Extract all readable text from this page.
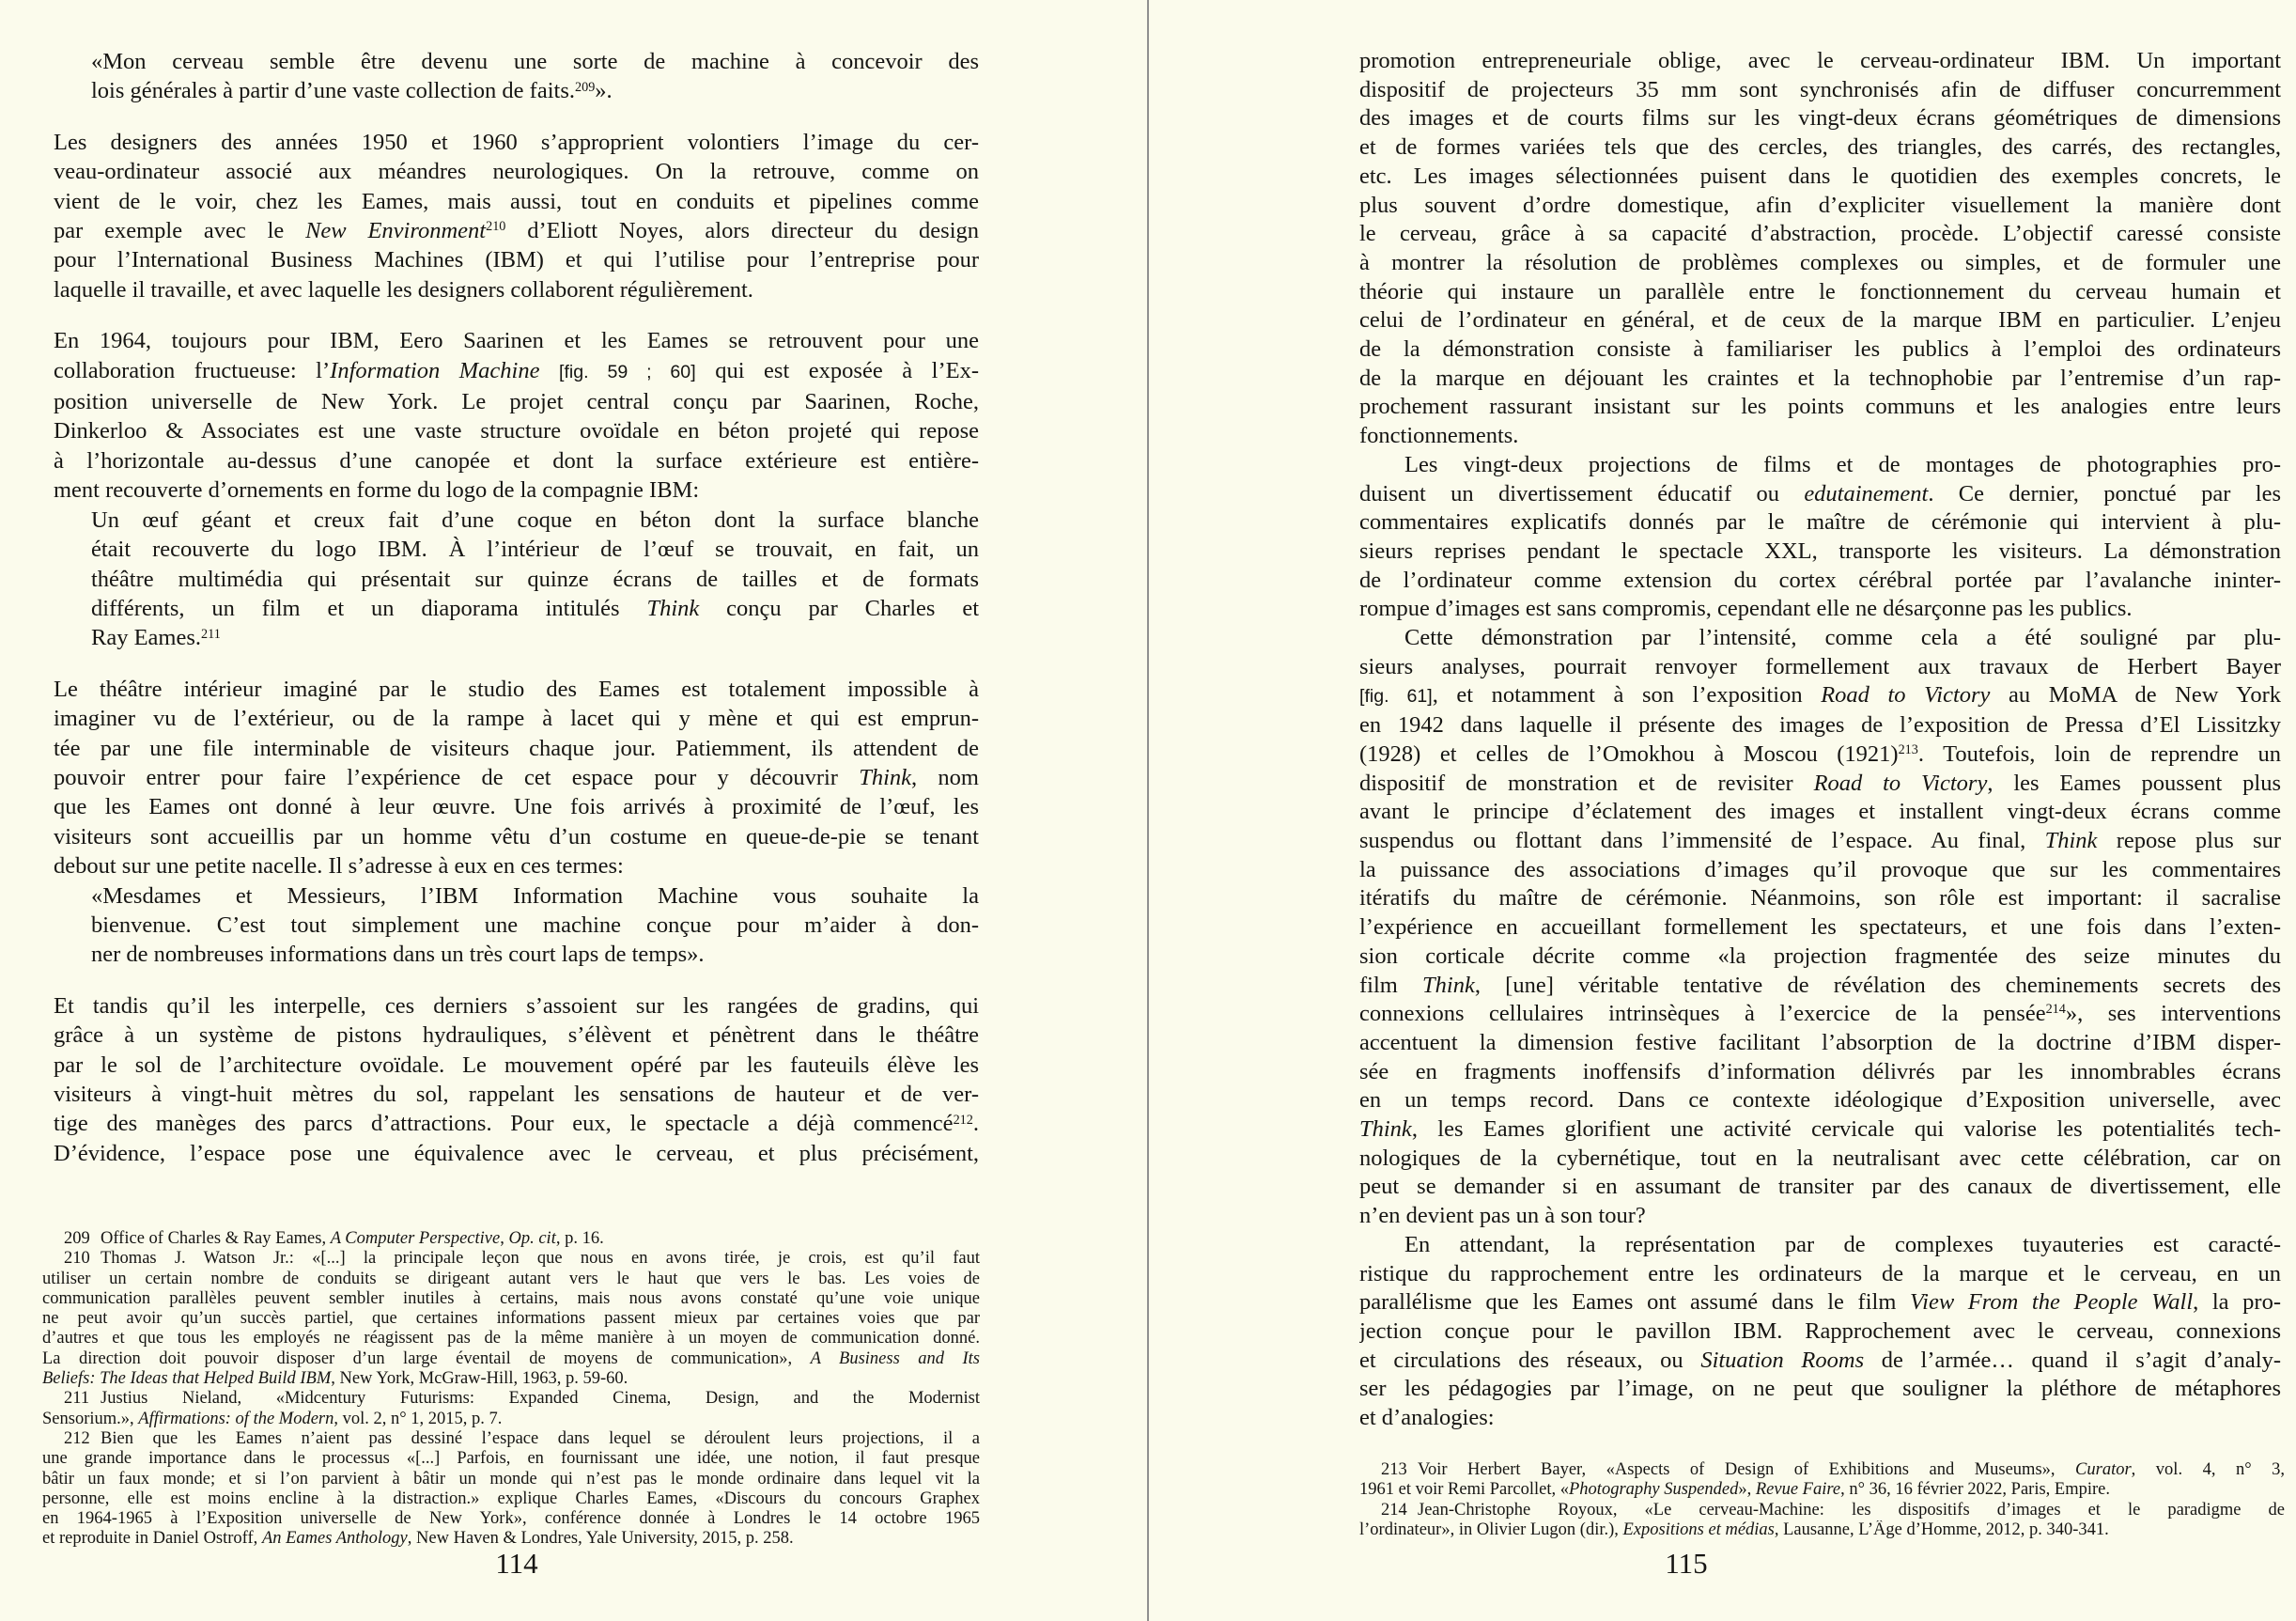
«Mon cerveau semble être devenu une sorte de machine à concevoir des
lois générales à partir d’une vaste collection de faits.$^{209}$».
Les designers des années 1950 et 1960 s’approprient volontiers l’image du cer-
veau-ordinateur associé aux méandres neurologiques. On la retrouve, comme on
vient de le voir, chez les Eames, mais aussi, tout en conduits et pipelines comme
par exemple avec le New Environment$^{210}$ d’Eliott Noyes, alors directeur du design
pour l’International Business Machines (IBM) et qui l’utilise pour l’entreprise pour
laquelle il travaille, et avec laquelle les designers collaborent régulièrement.
En 1964, toujours pour IBM, Eero Saarinen et les Eames se retrouvent pour une
collaboration fructueuse: l’Information Machine [fig. 59 ; 60] qui est exposée à l’Ex-
position universelle de New York. Le projet central conçu par Saarinen, Roche,
Dinkerloo & Associates est une vaste structure ovoïdale en béton projeté qui repose
à l’horizontale au-dessus d’une canopée et dont la surface extérieure est entière-
ment recouverte d’ornements en forme du logo de la compagnie IBM:
Un œuf géant et creux fait d’une coque en béton dont la surface blanche
était recouverte du logo IBM. À l’intérieur de l’œuf se trouvait, en fait, un
théâtre multimédia qui présentait sur quinze écrans de tailles et de formats
différents, un film et un diaporama intitulés Think conçu par Charles et
Ray Eames.$^{211}$
Le théâtre intérieur imaginé par le studio des Eames est totalement impossible à
imaginer vu de l’extérieur, ou de la rampe à lacet qui y mène et qui est emprun-
tée par une file interminable de visiteurs chaque jour. Patiemment, ils attendent de
pouvoir entrer pour faire l’expérience de cet espace pour y découvrir Think, nom
que les Eames ont donné à leur œuvre. Une fois arrivés à proximité de l’œuf, les
visiteurs sont accueillis par un homme vêtu d’un costume en queue-de-pie se tenant
debout sur une petite nacelle. Il s’adresse à eux en ces termes:
«Mesdames et Messieurs, l’IBM Information Machine vous souhaite la
bienvenue. C’est tout simplement une machine conçue pour m’aider à don-
ner de nombreuses informations dans un très court laps de temps».
Et tandis qu’il les interpelle, ces derniers s’assoient sur les rangées de gradins, qui
grâce à un système de pistons hydrauliques, s’élèvent et pénètrent dans le théâtre
par le sol de l’architecture ovoïdale. Le mouvement opéré par les fauteuils élève les
visiteurs à vingt-huit mètres du sol, rappelant les sensations de hauteur et de ver-
tige des manèges des parcs d’attractions. Pour eux, le spectacle a déjà commencé$^{212}$.
D’évidence, l’espace pose une équivalence avec le cerveau, et plus précisément,
209 Office of Charles & Ray Eames, A Computer Perspective, Op. cit, p. 16.
210 Thomas J. Watson Jr.: «[...] la principale leçon que nous en avons tirée, je crois, est qu’il faut
utiliser un certain nombre de conduits se dirigeant autant vers le haut que vers le bas. Les voies de
communication parallèles peuvent sembler inutiles à certains, mais nous avons constaté qu’une voie unique
ne peut avoir qu’un succès partiel, que certaines informations passent mieux par certaines voies que par
d’autres et que tous les employés ne réagissent pas de la même manière à un moyen de communication donné.
La direction doit pouvoir disposer d’un large éventail de moyens de communication», A Business and Its
Beliefs: The Ideas that Helped Build IBM, New York, McGraw-Hill, 1963, p. 59-60.
211 Justius Nieland, «Midcentury Futurisms: Expanded Cinema, Design, and the Modernist
Sensorium.», Affirmations: of the Modern, vol. 2, n° 1, 2015, p. 7.
212 Bien que les Eames n’aient pas dessiné l’espace dans lequel se déroulent leurs projections, il a
une grande importance dans le processus «[...] Parfois, en fournissant une idée, une notion, il faut presque
bâtir un faux monde; et si l’on parvient à bâtir un monde qui n’est pas le monde ordinaire dans lequel vit la
personne, elle est moins encline à la distraction.» explique Charles Eames, «Discours du concours Graphex
en 1964-1965 à l’Exposition universelle de New York», conférence donnée à Londres le 14 octobre 1965
et reproduite in Daniel Ostroff, An Eames Anthology, New Haven & Londres, Yale University, 2015, p. 258.
114
promotion entrepreneuriale oblige, avec le cerveau-ordinateur IBM. Un important
dispositif de projecteurs 35 mm sont synchronisés afin de diffuser concurremment
des images et de courts films sur les vingt-deux écrans géométriques de dimensions
et de formes variées tels que des cercles, des triangles, des carrés, des rectangles,
etc. Les images sélectionnées puisent dans le quotidien des exemples concrets, le
plus souvent d’ordre domestique, afin d’expliciter visuellement la manière dont
le cerveau, grâce à sa capacité d’abstraction, procède. L’objectif caressé consiste
à montrer la résolution de problèmes complexes ou simples, et de formuler une
théorie qui instaure un parallèle entre le fonctionnement du cerveau humain et
celui de l’ordinateur en général, et de ceux de la marque IBM en particulier. L’enjeu
de la démonstration consiste à familiariser les publics à l’emploi des ordinateurs
de la marque en déjouant les craintes et la technophobie par l’entremise d’un rap-
prochement rassurant insistant sur les points communs et les analogies entre leurs
fonctionnements.
Les vingt-deux projections de films et de montages de photographies pro-
duisent un divertissement éducatif ou edutainement. Ce dernier, ponctué par les
commentaires explicatifs donnés par le maître de cérémonie qui intervient à plu-
sieurs reprises pendant le spectacle XXL, transporte les visiteurs. La démonstration
de l’ordinateur comme extension du cortex cérébral portée par l’avalanche ininter-
rompue d’images est sans compromis, cependant elle ne désarçonne pas les publics.
Cette démonstration par l’intensité, comme cela a été souligné par plu-
sieurs analyses, pourrait renvoyer formellement aux travaux de Herbert Bayer
[fig. 61], et notamment à son l’exposition Road to Victory au MoMA de New York
en 1942 dans laquelle il présente des images de l’exposition de Pressa d’El Lissitzky
(1928) et celles de l’Omokhou à Moscou $(1921)^{213}$. Toutefois, loin de reprendre un
dispositif de monstration et de revisiter Road to Victory, les Eames poussent plus
avant le principe d’éclatement des images et installent vingt-deux écrans comme
suspendus ou flottant dans l’immensité de l’espace. Au final, Think repose plus sur
la puissance des associations d’images qu’il provoque que sur les commentaires
itératifs du maître de cérémonie. Néanmoins, son rôle est important: il sacralise
l’expérience en accueillant formellement les spectateurs, et une fois dans l’exten-
sion corticale décrite comme «la projection fragmentée des seize minutes du
film Think, [une] véritable tentative de révélation des cheminements secrets des
connexions cellulaires intrinsèques à l’exercice de la pensée$^{214}$», ses interventions
accentuent la dimension festive facilitant l’absorption de la doctrine d’IBM disper-
sée en fragments inoffensifs d’information délivrés par les innombrables écrans
en un temps record. Dans ce contexte idéologique d’Exposition universelle, avec
Think, les Eames glorifient une activité cervicale qui valorise les potentialités tech-
nologiques de la cybernétique, tout en la neutralisant avec cette célébration, car on
peut se demander si en assumant de transiter par des canaux de divertissement, elle
n’en devient pas un à son tour?
En attendant, la représentation par de complexes tuyauteries est caracté-
ristique du rapprochement entre les ordinateurs de la marque et le cerveau, en un
parallélisme que les Eames ont assumé dans le film View From the People Wall, la pro-
jection conçue pour le pavillon IBM. Rapprochement avec le cerveau, connexions
et circulations des réseaux, ou Situation Rooms de l’armée… quand il s’agit d’analy-
ser les pédagogies par l’image, on ne peut que souligner la pléthore de métaphores
et d’analogies:
213 Voir Herbert Bayer, «Aspects of Design of Exhibitions and Museums», Curator, vol. 4, n° 3,
1961 et voir Remi Parcollet, «Photography Suspended», Revue Faire, n° 36, 16 février 2022, Paris, Empire.
214 Jean-Christophe Royoux, «Le cerveau-Machine: les dispositifs d’images et le paradigme de
l’ordinateur», in Olivier Lugon (dir.), Expositions et médias, Lausanne, L’Âge d’Homme, 2012, p. 340-341.
115
